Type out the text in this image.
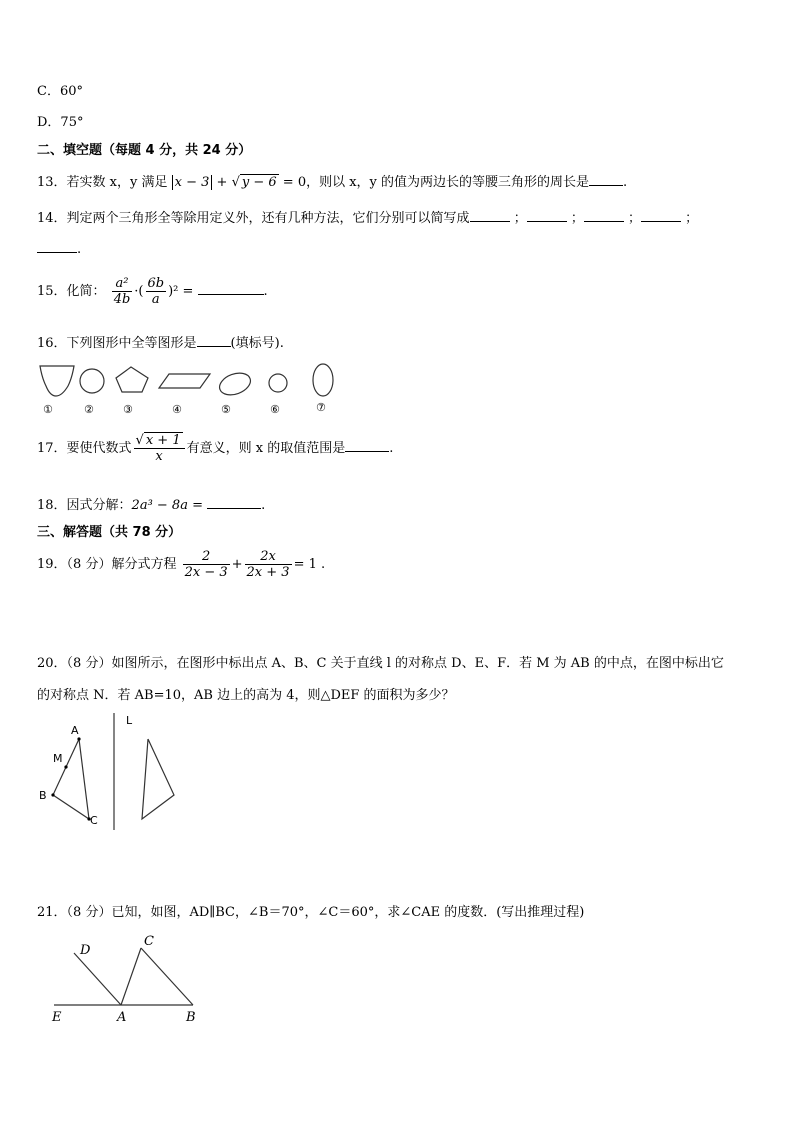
C．60°
D．75°
二、填空题（每题 4 分，共 24 分）
13．若实数 x，y 满足 x − 3 + √ y − 6 = 0，则以 x，y 的值为两边长的等腰三角形的周长是	.
14．判定两个三角形全等除用定义外，还有几种方法，它们分别可以简写成	；	；	；	；
.
15．化简： $\frac{\text{a²}}{4b}$ ·( $\frac{6b}{a} )^2$ =	.
16．下列图形中全等图形是	(填标号).
①	②	③	④	⑤	⑥	⑦
17．要使代数式 $\frac{√ x + 1}{x}$ 有意义，则 x 的取值范围是	.
18．因式分解：2a³ − 8a =	.
三、解答题（共 78 分）
19．（8 分）解分式方程 $\frac{2}{2x - 3} + \frac{2x}{2x + 3} = 1$ .
20．（8 分）如图所示，在图形中标出点 A、B、C 关于直线 l 的对称点 D、E、F．若 M 为 AB 的中点，在图中标出它
的对称点 N．若 AB=10，AB 边上的高为 4，则△DEF 的面积为多少？
A
M
B
C
L
21．（8 分）已知，如图，AD∥BC，∠B＝70°，∠C＝60°，求∠CAE 的度数．(写出推理过程)
D
C
E	A	B
